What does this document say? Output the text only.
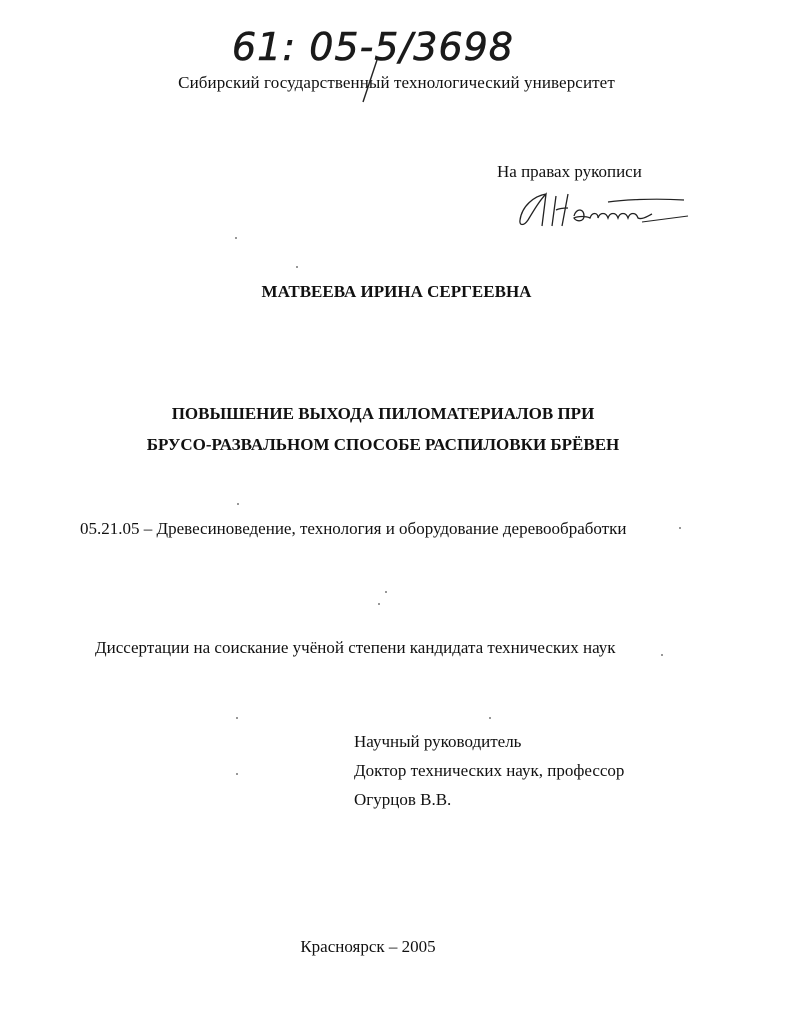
61: 05-5/3698
Сибирский государственный технологический университет
На правах рукописи
МАТВЕЕВА ИРИНА СЕРГЕЕВНА
ПОВЫШЕНИЕ ВЫХОДА ПИЛОМАТЕРИАЛОВ ПРИ
БРУСО-РАЗВАЛЬНОМ СПОСОБЕ РАСПИЛОВКИ БРЁВЕН
05.21.05 – Древесиноведение, технология и оборудование деревообработки
Диссертации на соискание учёной степени кандидата технических наук
Научный руководитель
Доктор технических наук, профессор
Огурцов В.В.
Красноярск – 2005
